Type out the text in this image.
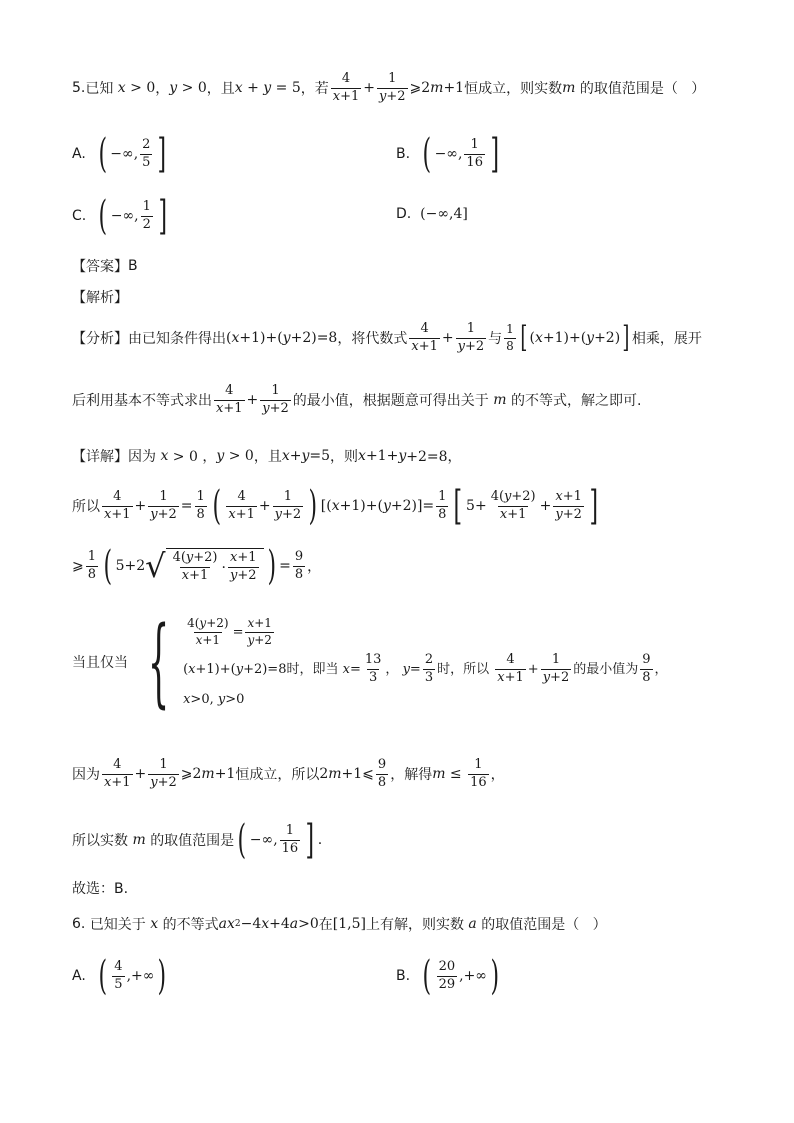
5. 已知 x > 0 ， y > 0 ，且 x + y = 5 ，若 $\frac{4}{x+1} + \frac{1}{y+2}$ ⩾2 m +1 恒成立，则实数 m
的取值范围是（
）
A.
( −∞, $\frac{2}{5}$ ]	B.
( −∞, $\frac{1}{16}$ ]
C.
( −∞, $\frac{1}{2}$ ]	D.
(−∞,4]
【答案】 B
【解析】
【分析】 由已知条件得出 ( x +1)+( y +2)=8 ，将代数式 $\frac{4}{x+1} + \frac{1}{y+2}$ 与 $\frac{1}{8}$ [ ( x +1)+( y +2) ] 相乘，展开
后利用基本不等式求出 $\frac{4}{x+1} + \frac{1}{y+2}$ 的最小值，根据题意可得出关于 m 的不等式，解之即可.
【详解】 因为 x > 0 ， y > 0 ，且 x + y =5 ，则 x +1+ y +2=8，
所以 $\frac{4}{x+1} + \frac{1}{y+2} = \frac{1}{8}$ ( $\frac{4}{x+1} + \frac{1}{y+2}$ ) [( x +1)+( $y +2)]= \frac{1}{8}$ [ $5+ \frac{4(y+2)}{x+1} + \frac{x+1}{y+2}$ ]
⩾ $\frac{1}{8}$ ( 5+2 √ $\frac{4(y+2)}{x+1} \cdot \frac{x+1}{y+2}$ ) = $\frac{9}{8}$ ，
当且仅当 { $\frac{4(y+2)}{x+1} = \frac{x+1}{y+2}$
(x+1)+(y+2)=8时，即当 $x= \frac{13}{3}$ ， $y= \frac{2}{3}$ 时，所以 $\frac{4}{x+1} + \frac{1}{y+2}$ 的最小值为 $\frac{9}{8}$ ，
x>0, y>0
因为 $\frac{4}{x+1} + \frac{1}{y+2}$ ⩾2 m +1 恒成立，所以 2 m +1⩽ $\frac{9}{8}$ ，解得 $m \le \frac{1}{16}$ ，
所以实数 m 的取值范围是 ( −∞, $\frac{1}{16}$ ] .
故选：B.
6.
已知关于 x 的不等式 ax 2 −4 x +4 a >0 在 [1,5] 上有解，则实数 a 的取值范围是（
）
A.
( $\frac{4}{5}$ ,+∞ )	B.
( $\frac{20}{29}$ ,+∞ )
